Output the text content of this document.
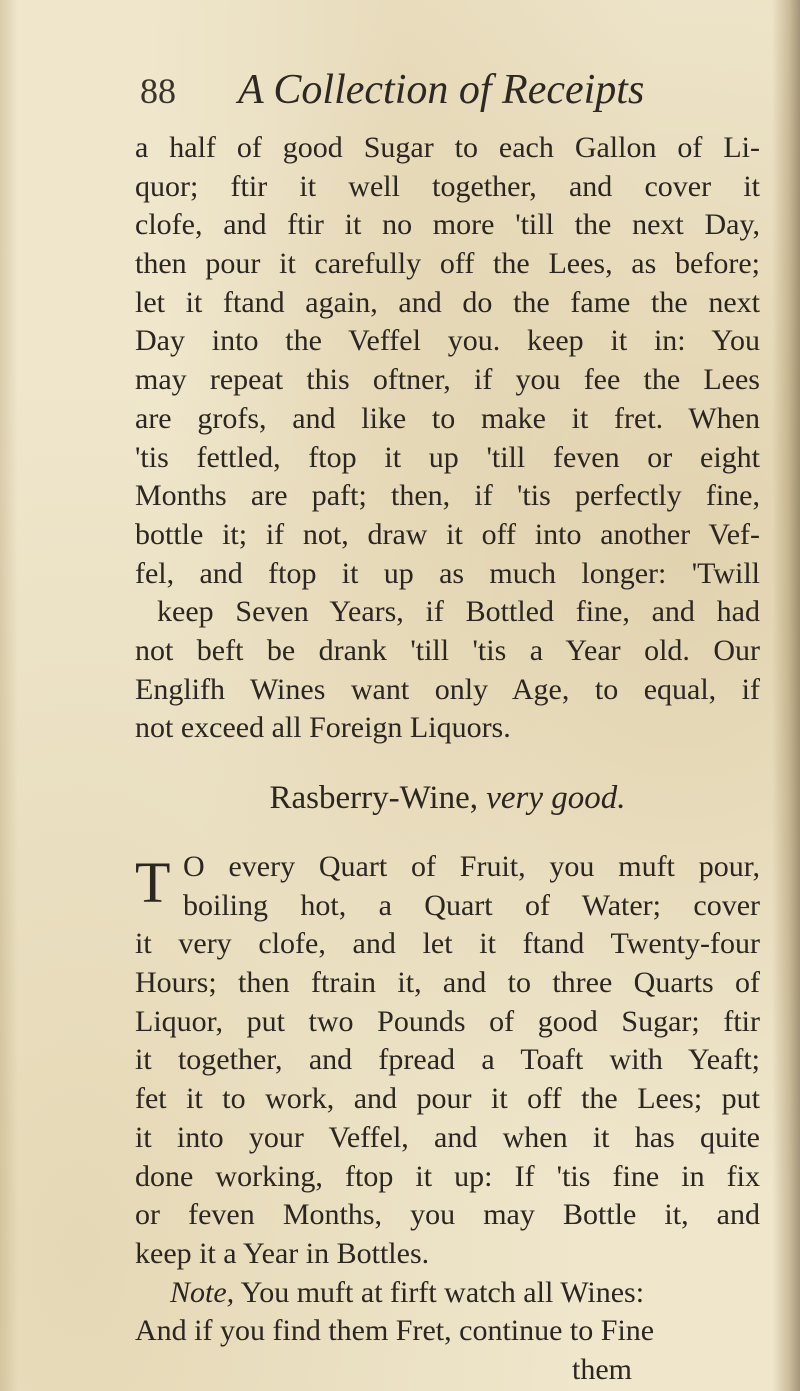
88 A Collection of Receipts
a half of good Sugar to each Gallon of Li-
quor; ftir it well together, and cover it
clofe, and ftir it no more 'till the next Day,
then pour it carefully off the Lees, as before;
let it ftand again, and do the fame the next
Day into the Veffel you. keep it in: You
may repeat this oftner, if you fee the Lees
are grofs, and like to make it fret. When
'tis fettled, ftop it up 'till feven or eight
Months are paft; then, if 'tis perfectly fine,
bottle it; if not, draw it off into another Vef-
fel, and ftop it up as much longer: 'Twill
keep Seven Years, if Bottled fine, and had
not beft be drank 'till 'tis a Year old. Our
Englifh Wines want only Age, to equal, if
not exceed all Foreign Liquors.
Rasberry-Wine, very good.
T O every Quart of Fruit, you muft pour,
boiling hot, a Quart of Water; cover
it very clofe, and let it ftand Twenty-four
Hours; then ftrain it, and to three Quarts of
Liquor, put two Pounds of good Sugar; ftir
it together, and fpread a Toaft with Yeaft;
fet it to work, and pour it off the Lees; put
it into your Veffel, and when it has quite
done working, ftop it up: If 'tis fine in fix
or feven Months, you may Bottle it, and
keep it a Year in Bottles.
Note, You muft at firft watch all Wines:
And if you find them Fret, continue to Fine
them
